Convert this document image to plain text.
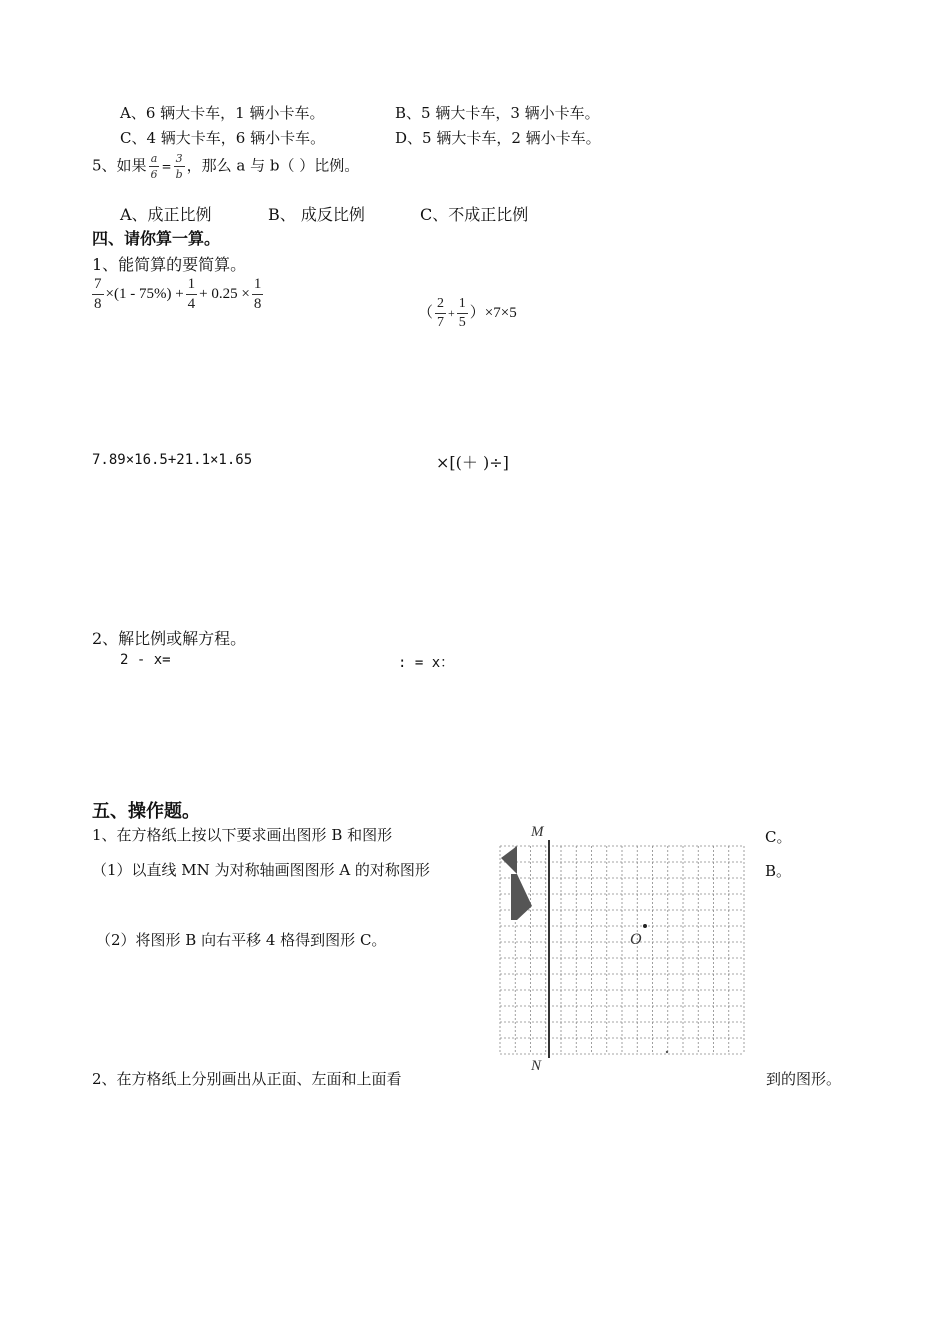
A、6 辆大卡车，1 辆小卡车。	B、5 辆大卡车，3 辆小卡车。
C、4 辆大卡车，6 辆小卡车。	D、5 辆大卡车，2 辆小卡车。
5、如果 $\frac{a}{6} = \frac{3}{b}$ ，那么 a 与 b（ ）比例。
A、成正比例	B、 成反比例	C、不成正比例
四、请你算一算。
1、能简算的要简算。
$\frac{7}{8} \times(1 - 75\%) + \frac{1}{4} + 0.25 \times \frac{1}{8}$
（ $\frac{2}{7} + \frac{1}{5} )\times 7\times 5$
7.89×16.5+21.1×1.65	×[(＋ )÷]
2、解比例或解方程。
2 - x=	: = x：
五、操作题。
1、在方格纸上按以下要求画出图形 B 和图形	C。
（1）以直线 MN 为对称轴画图图形 A 的对称图形	B。
（2）将图形 B 向右平移 4 格得到图形 C。
2、在方格纸上分别画出从正面、左面和上面看	到的图形。
M
N
A
O
